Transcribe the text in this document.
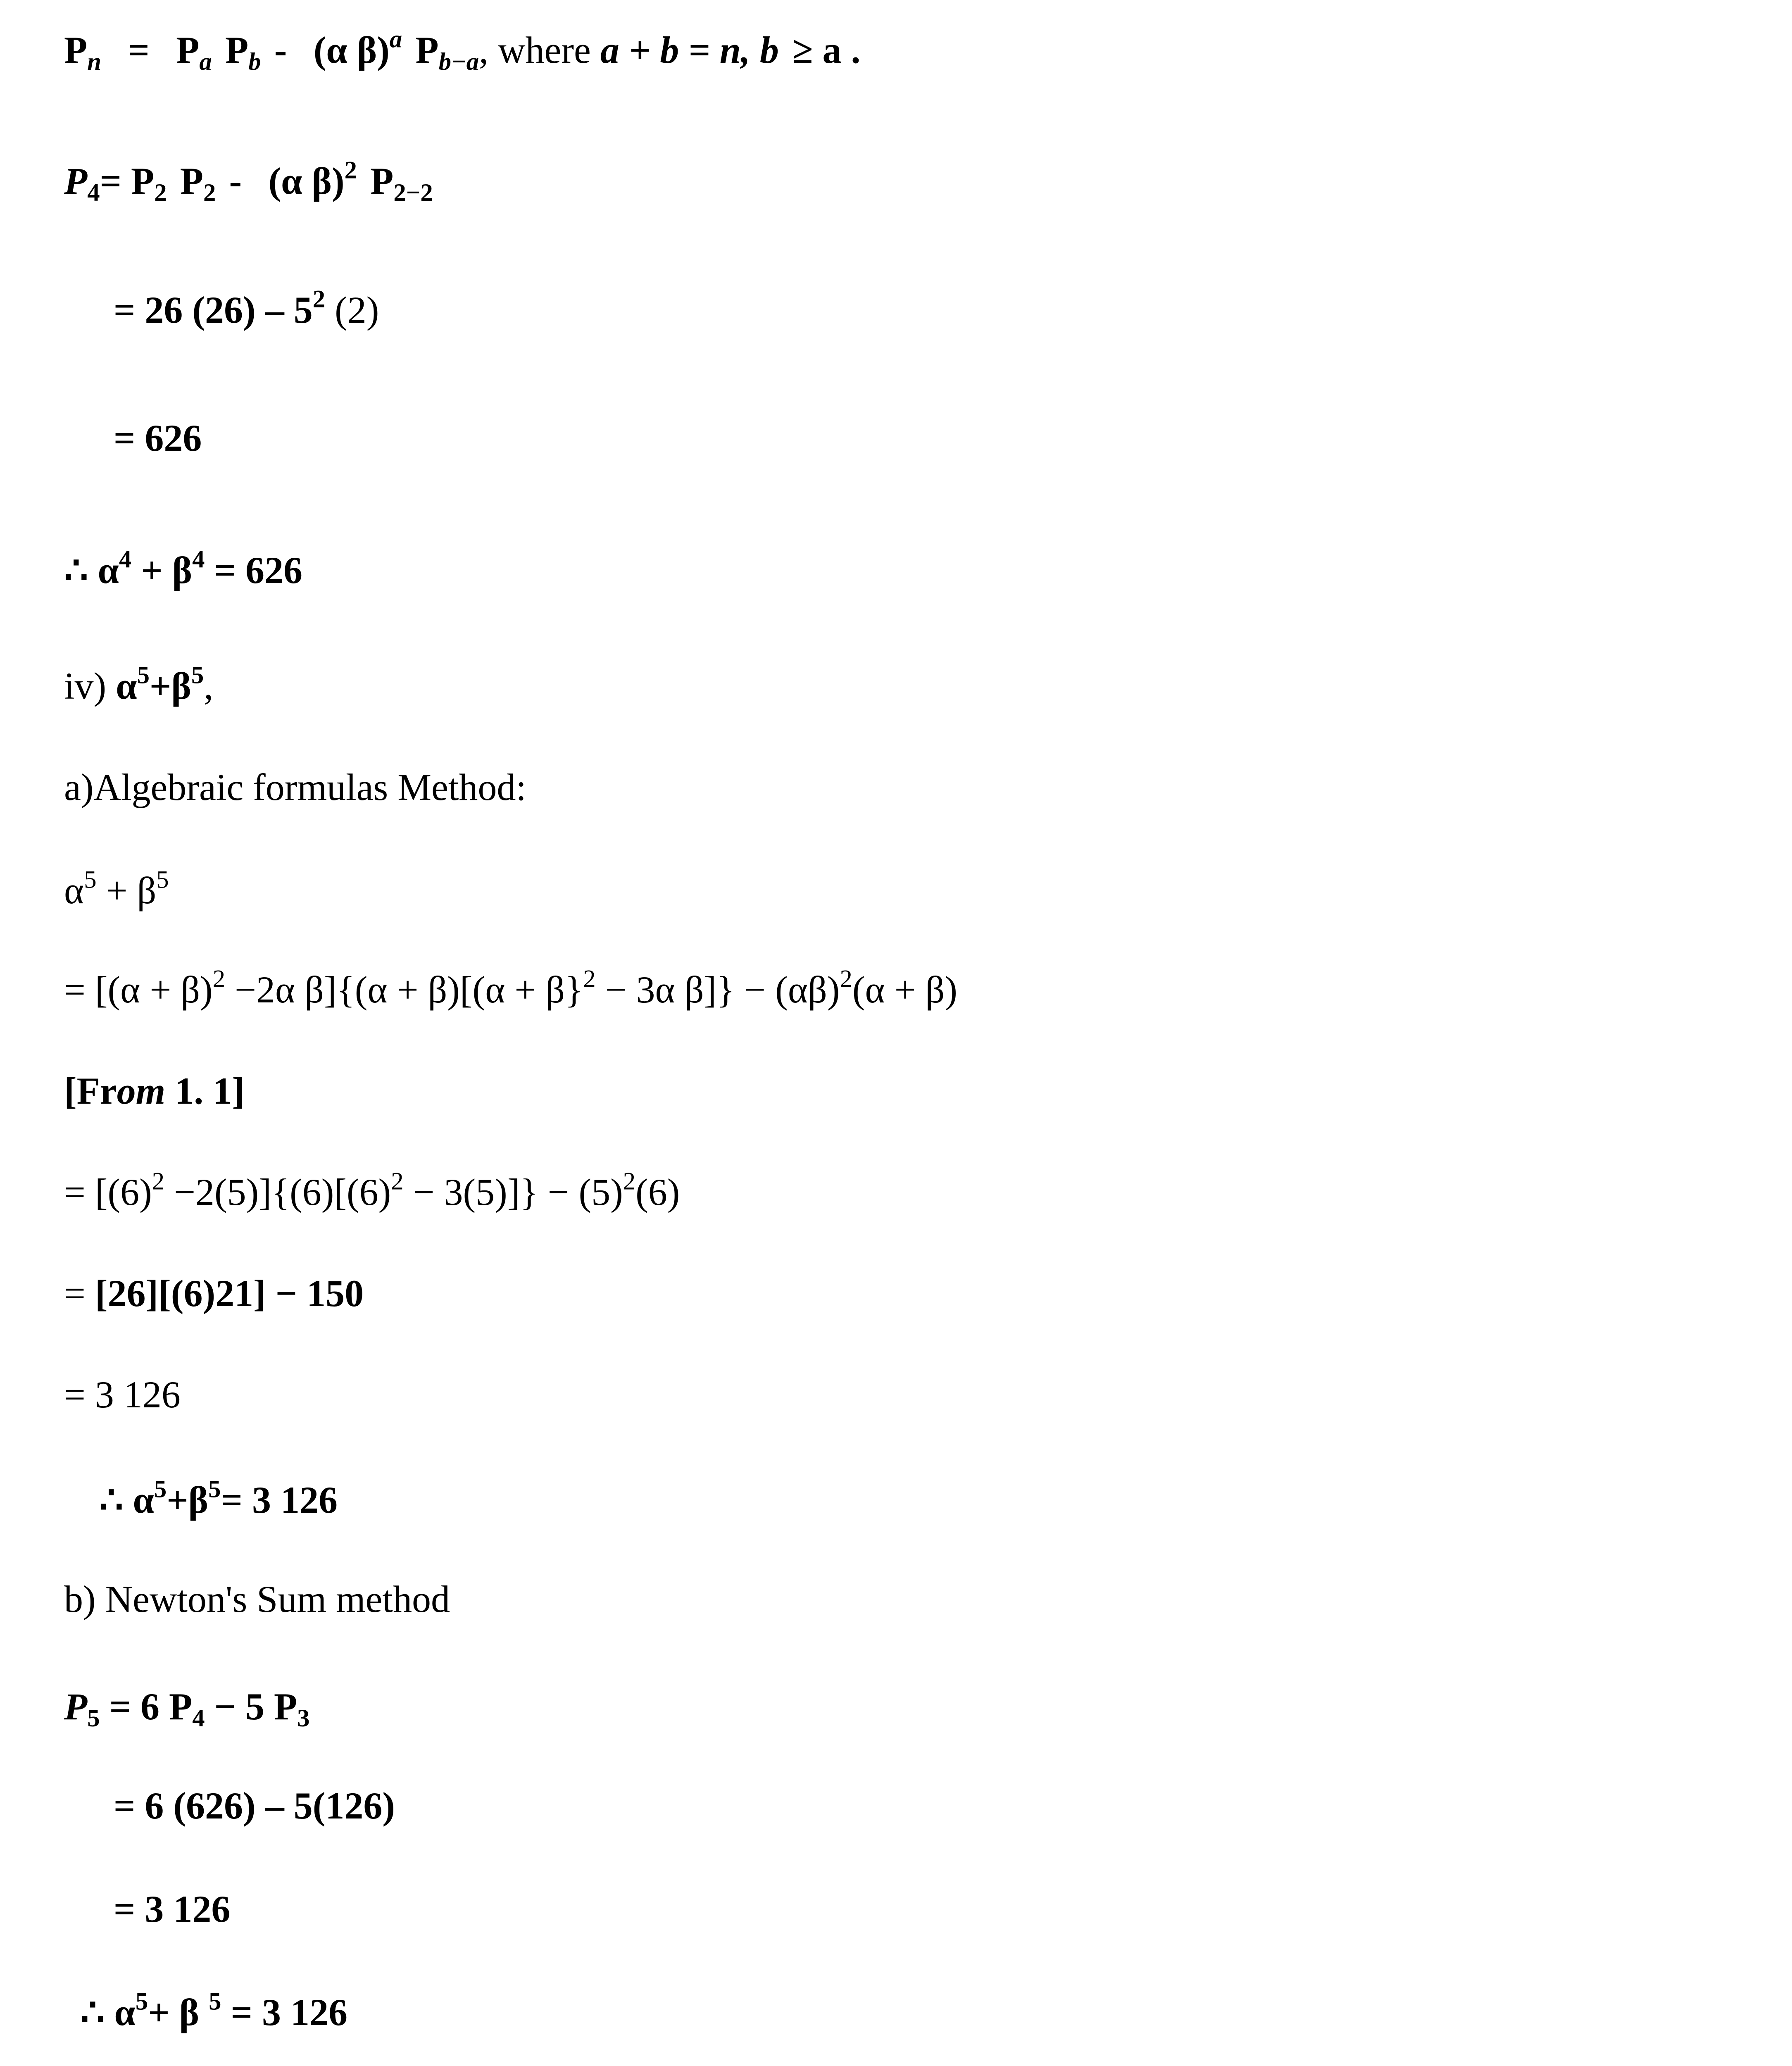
$P_n = P_a$ $P_b - (\alpha$ β)$^a$ $P_{b-a}$, where a + b = n, b ≥ a .
$P_4= P_2$ $P_2 - (\alpha$ β)$^2$ $P_{2-2}$
= 26 $(26) - 5^2$ (2)
= 626
∴ $\alpha^4 + \beta^4 = 626$
iv) $\alpha^5+\beta^5$,
a)Algebraic formulas Method:
$\alpha^5 + \beta^5$
= [$(\alpha + \beta)^2 -2\alpha$ $\beta]\{(\alpha + \beta)[(\alpha + \beta\}^2 - 3\alpha$ $\beta]\} - (\alpha\beta)^2(\alpha + \beta)$
[From 1. 1]
= $[(6)^2 -2(5)]\{(6)[(6)^2 - 3(5)]\} - (5)^2(6)$
= [26][(6)21] − 150
= 3 126
∴ $\alpha^5+\beta^5= 3$ 126
b) Newton's Sum method
$P_5 = 6$ $P_4 - 5$ $P_3$
= 6 (626) – 5(126)
= 3 126
∴ $\alpha^5+ \beta$ $^5$ = 3 126
